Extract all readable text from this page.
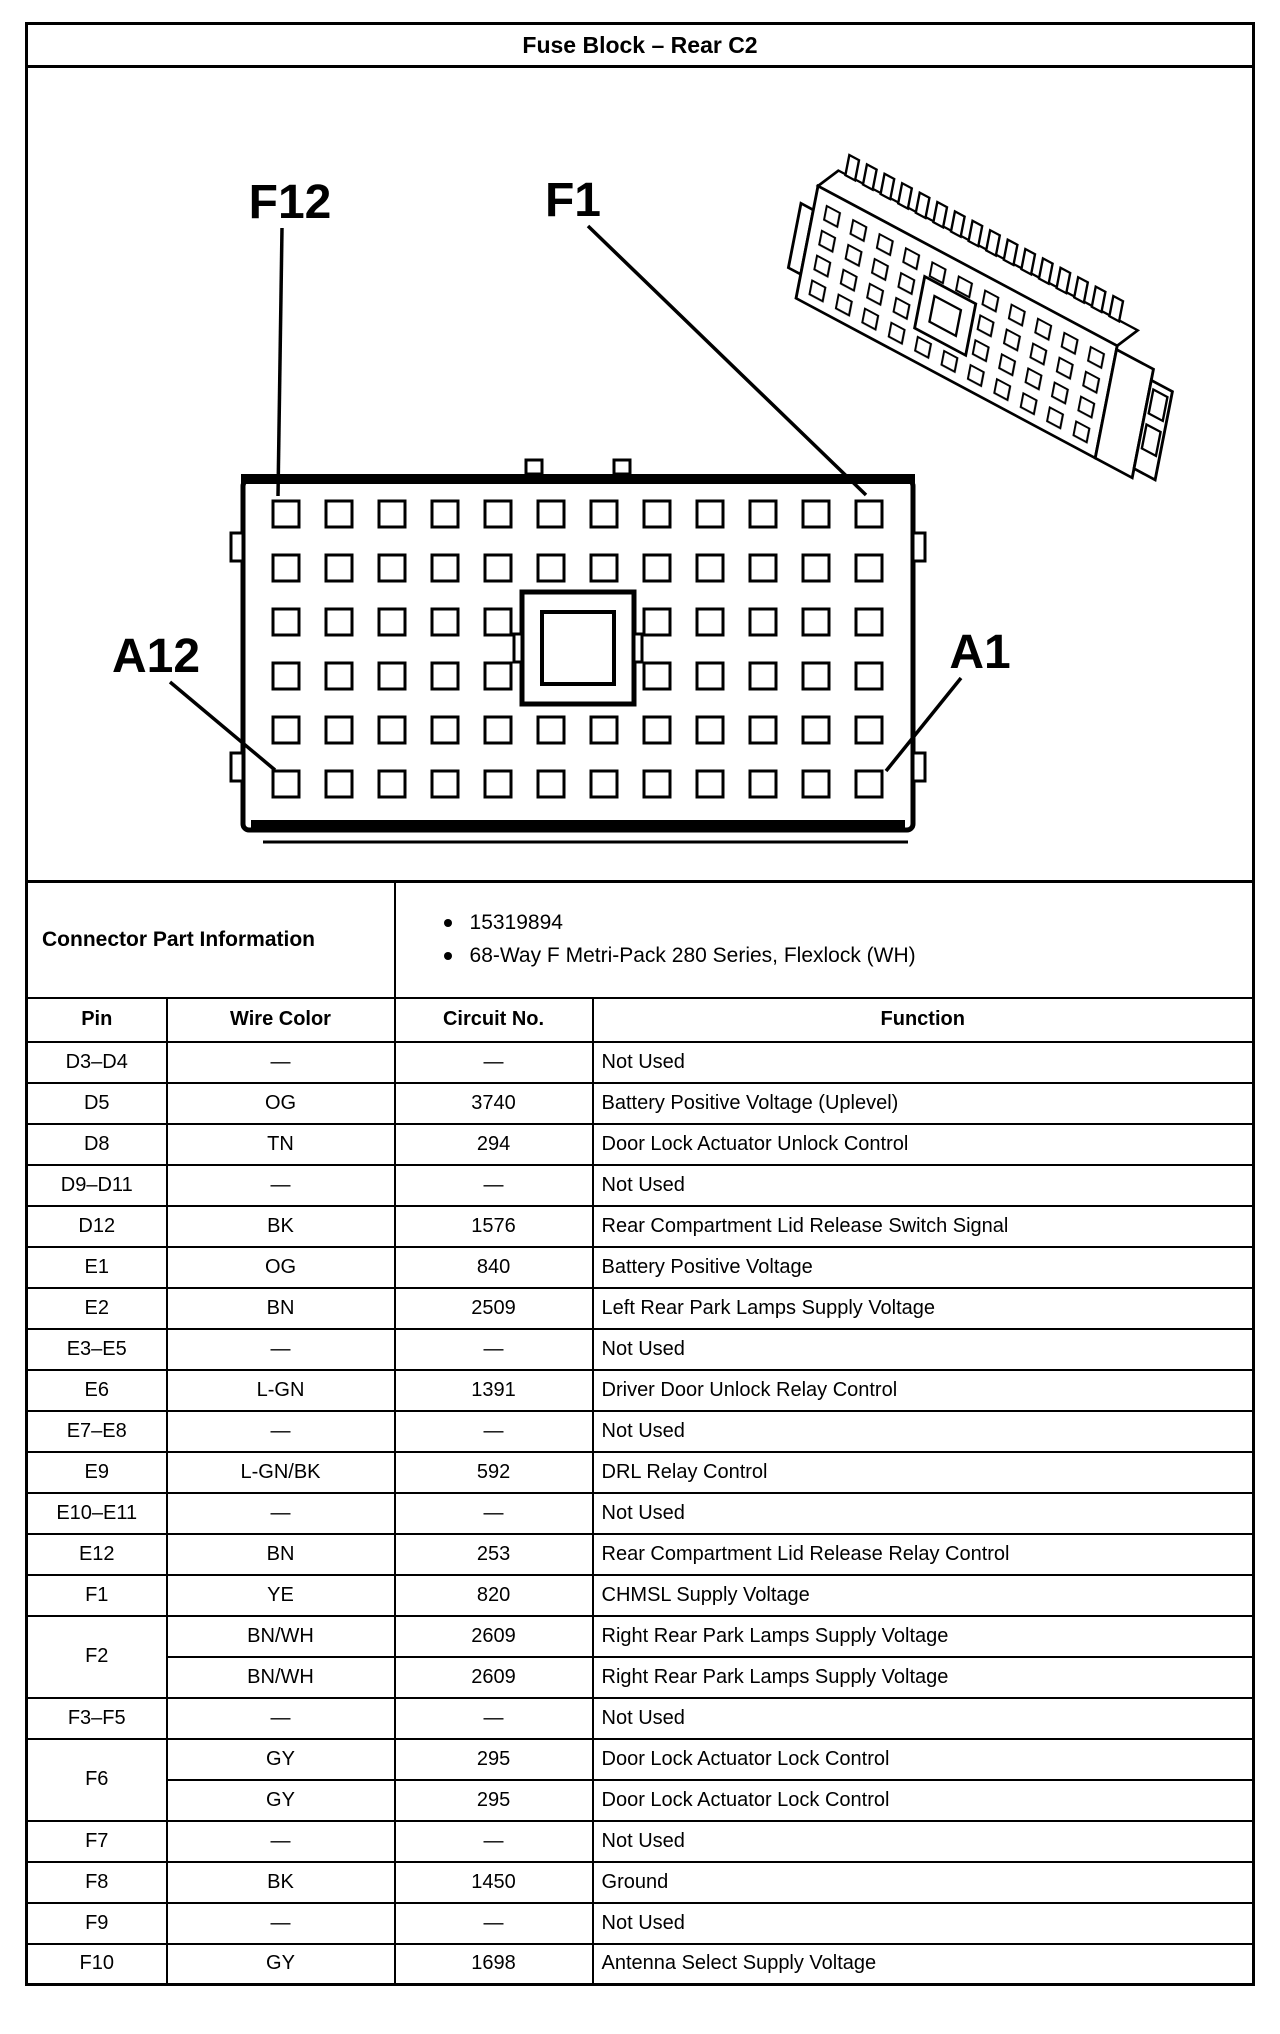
Fuse Block – Rear C2
F12	F1
A12	A1
Connector Part Information		15319894
68-Way F Metri-Pack 280 Series, Flexlock (WH)	

Pin	Wire Color	Circuit No.	Function
D3–D4	—	—	Not Used
D5	OG	3740	Battery Positive Voltage (Uplevel)
D8	TN	294	Door Lock Actuator Unlock Control
D9–D11	—	—	Not Used
D12	BK	1576	Rear Compartment Lid Release Switch Signal
E1	OG	840	Battery Positive Voltage
E2	BN	2509	Left Rear Park Lamps Supply Voltage
E3–E5	—	—	Not Used
E6	L-GN	1391	Driver Door Unlock Relay Control
E7–E8	—	—	Not Used
E9	L-GN/BK	592	DRL Relay Control
E10–E11	—	—	Not Used
E12	BN	253	Rear Compartment Lid Release Relay Control
F1	YE	820	CHMSL Supply Voltage
F2	BN/WH	2609	Right Rear Park Lamps Supply Voltage
	BN/WH	2609	Right Rear Park Lamps Supply Voltage
F3–F5	—	—	Not Used
F6	GY	295	Door Lock Actuator Lock Control
	GY	295	Door Lock Actuator Lock Control
F7	—	—	Not Used
F8	BK	1450	Ground
F9	—	—	Not Used
F10	GY	1698	Antenna Select Supply Voltage
